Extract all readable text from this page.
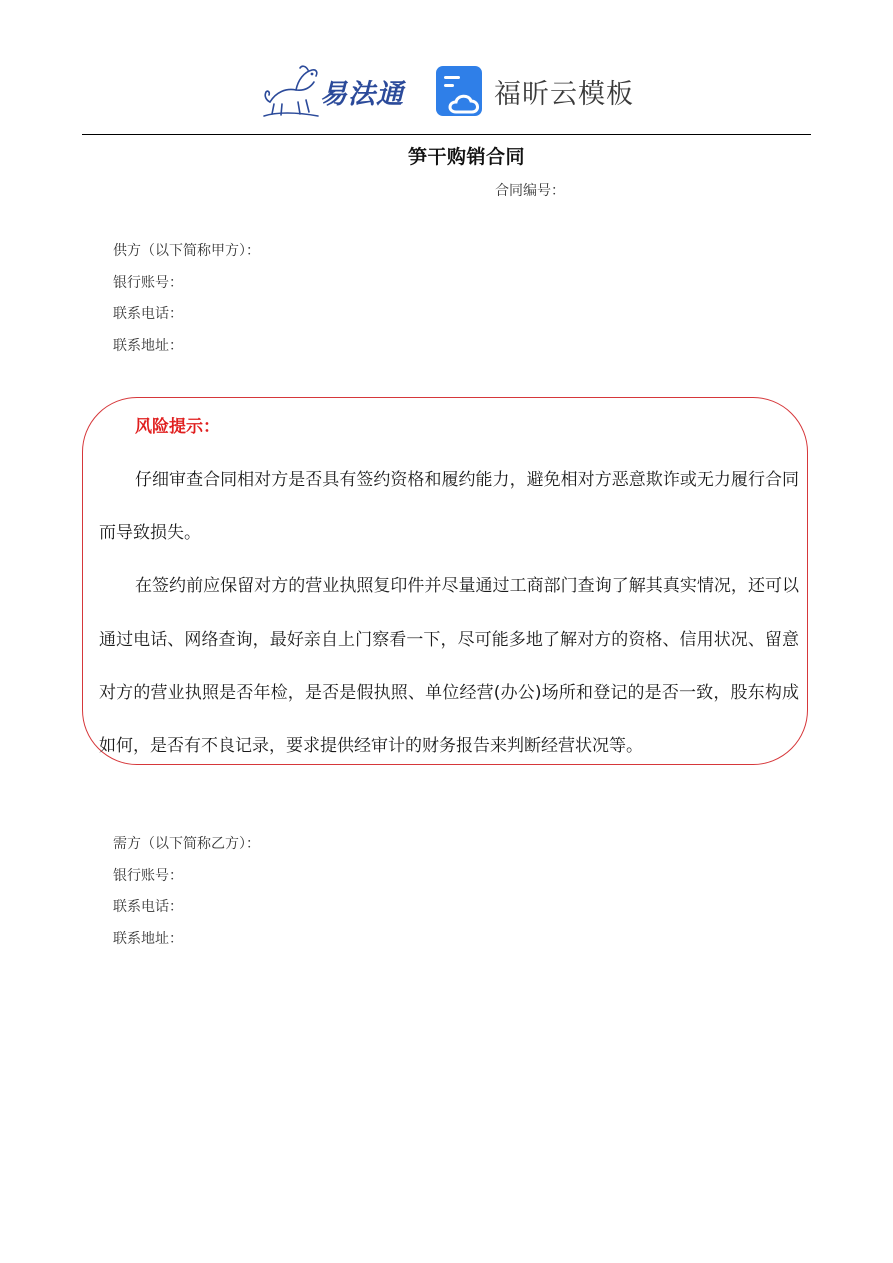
易法通	福昕云模板
笋干购销合同
合同编号：
供方（以下简称甲方）：
银行账号：
联系电话：
联系地址：
风险提示：

仔细审查合同相对方是否具有签约资格和履约能力，避免相对方恶意欺诈或无力履行合同而导致损失。

在签约前应保留对方的营业执照复印件并尽量通过工商部门查询了解其真实情况，还可以通过电话、网络查询，最好亲自上门察看一下，尽可能多地了解对方的资格、信用状况、留意对方的营业执照是否年检，是否是假执照、单位经营(办公)场所和登记的是否一致，股东构成如何，是否有不良记录，要求提供经审计的财务报告来判断经营状况等。

需方（以下简称乙方）：
银行账号：
联系电话：
联系地址：
